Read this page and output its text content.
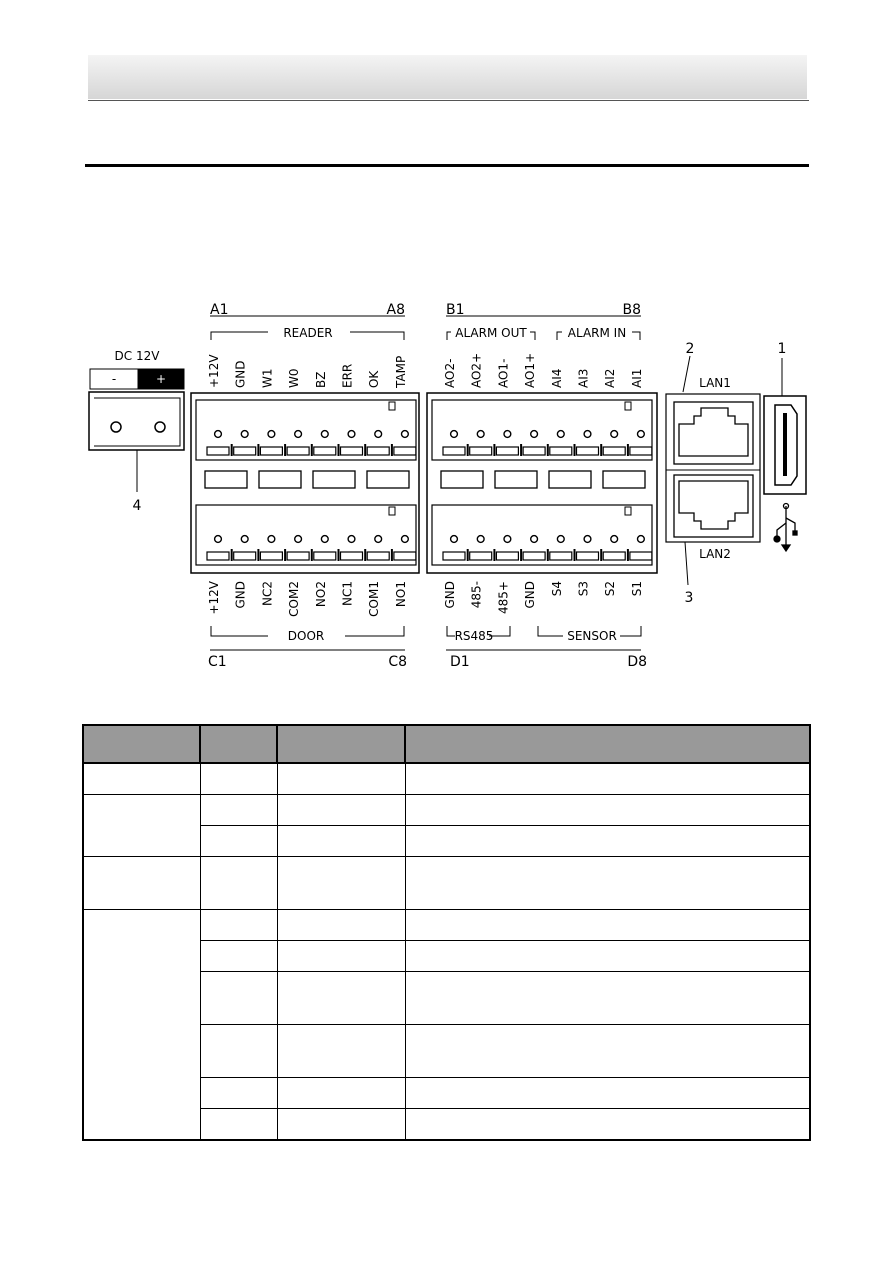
DC 12V
-	+
4
+12V GND W1 W0 BZ ERR OK TAMP	AO2- AO2+ AO1- AO1+ AI4 AI3 AI2 AI1
+12V GND NC2 COM2 NO2 NC1 COM1 NO1	GND 485- 485+ GND S4 S3 S2 S1
A1	A8
READER
B1	B8
ALARM OUT	ALARM IN
DOOR
C1	C8
RS485	SENSOR
D1	D8
2
LAN1
LAN2
3
1
